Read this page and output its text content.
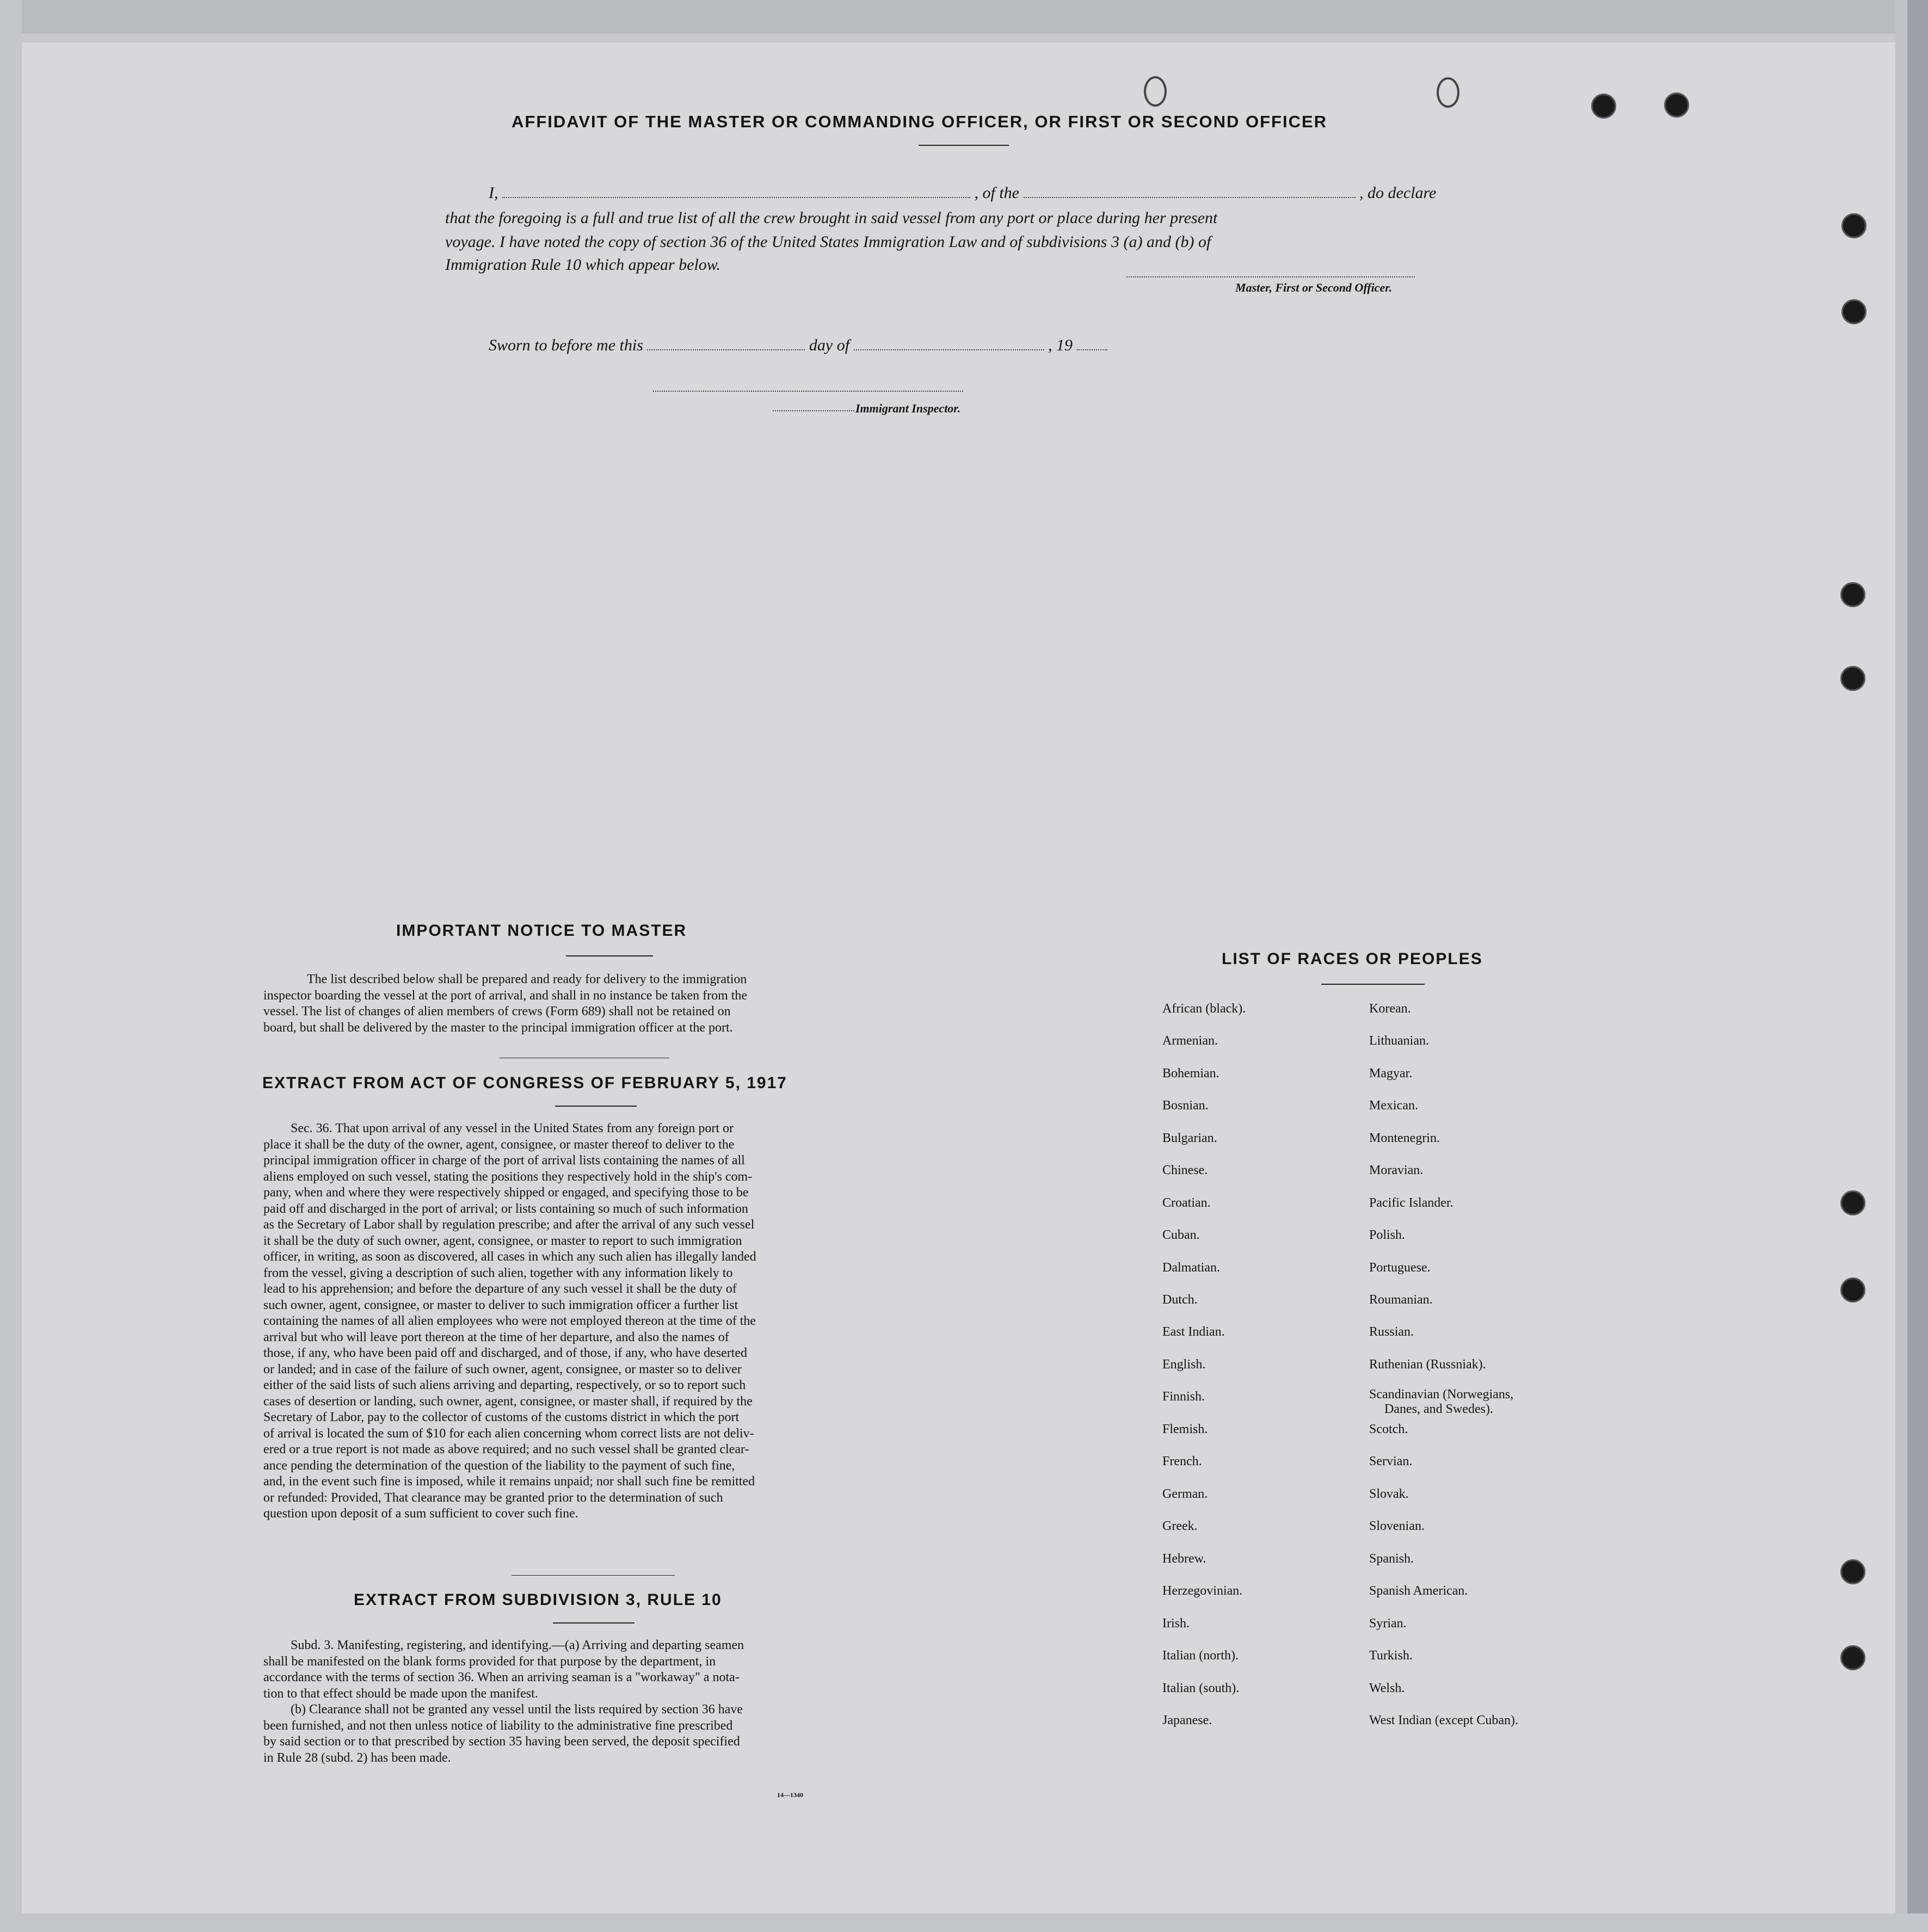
AFFIDAVIT OF THE MASTER OR COMMANDING OFFICER, OR FIRST OR SECOND OFFICER
I,	, of the	, do declare
that the foregoing is a full and true list of all the crew brought in said vessel from any port or place during her present
voyage. I have noted the copy of section 36 of the United States Immigration Law and of subdivisions 3 (a) and (b) of
Immigration Rule 10 which appear below.
Master, First or Second Officer.
Sworn to before me this	day of	, 19
Immigrant Inspector.
IMPORTANT NOTICE TO MASTER
The list described below shall be prepared and ready for delivery to the immigration
inspector boarding the vessel at the port of arrival, and shall in no instance be taken from the
vessel. The list of changes of alien members of crews (Form 689) shall not be retained on
board, but shall be delivered by the master to the principal immigration officer at the port.
EXTRACT FROM ACT OF CONGRESS OF FEBRUARY 5, 1917
Sec. 36. That upon arrival of any vessel in the United States from any foreign port or
place it shall be the duty of the owner, agent, consignee, or master thereof to deliver to the
principal immigration officer in charge of the port of arrival lists containing the names of all
aliens employed on such vessel, stating the positions they respectively hold in the ship's com-
pany, when and where they were respectively shipped or engaged, and specifying those to be
paid off and discharged in the port of arrival; or lists containing so much of such information
as the Secretary of Labor shall by regulation prescribe; and after the arrival of any such vessel
it shall be the duty of such owner, agent, consignee, or master to report to such immigration
officer, in writing, as soon as discovered, all cases in which any such alien has illegally landed
from the vessel, giving a description of such alien, together with any information likely to
lead to his apprehension; and before the departure of any such vessel it shall be the duty of
such owner, agent, consignee, or master to deliver to such immigration officer a further list
containing the names of all alien employees who were not employed thereon at the time of the
arrival but who will leave port thereon at the time of her departure, and also the names of
those, if any, who have been paid off and discharged, and of those, if any, who have deserted
or landed; and in case of the failure of such owner, agent, consignee, or master so to deliver
either of the said lists of such aliens arriving and departing, respectively, or so to report such
cases of desertion or landing, such owner, agent, consignee, or master shall, if required by the
Secretary of Labor, pay to the collector of customs of the customs district in which the port
of arrival is located the sum of $10 for each alien concerning whom correct lists are not deliv-
ered or a true report is not made as above required; and no such vessel shall be granted clear-
ance pending the determination of the question of the liability to the payment of such fine,
and, in the event such fine is imposed, while it remains unpaid; nor shall such fine be remitted
or refunded: Provided, That clearance may be granted prior to the determination of such
question upon deposit of a sum sufficient to cover such fine.
EXTRACT FROM SUBDIVISION 3, RULE 10
Subd. 3. Manifesting, registering, and identifying.—(a) Arriving and departing seamen
shall be manifested on the blank forms provided for that purpose by the department, in
accordance with the terms of section 36. When an arriving seaman is a "workaway" a nota-
tion to that effect should be made upon the manifest.
(b) Clearance shall not be granted any vessel until the lists required by section 36 have
been furnished, and not then unless notice of liability to the administrative fine prescribed
by said section or to that prescribed by section 35 having been served, the deposit specified
in Rule 28 (subd. 2) has been made.
14—1340
LIST OF RACES OR PEOPLES
African (black).
Armenian.
Bohemian.
Bosnian.
Bulgarian.
Chinese.
Croatian.
Cuban.
Dalmatian.
Dutch.
East Indian.
English.
Finnish.
Flemish.
French.
German.
Greek.
Hebrew.
Herzegovinian.
Irish.
Italian (north).
Italian (south).
Japanese.
Korean.
Lithuanian.
Magyar.
Mexican.
Montenegrin.
Moravian.
Pacific Islander.
Polish.
Portuguese.
Roumanian.
Russian.
Ruthenian (Russniak).
Scandinavian (Norwegians,
Danes, and Swedes).
Scotch.
Servian.
Slovak.
Slovenian.
Spanish.
Spanish American.
Syrian.
Turkish.
Welsh.
West Indian (except Cuban).
